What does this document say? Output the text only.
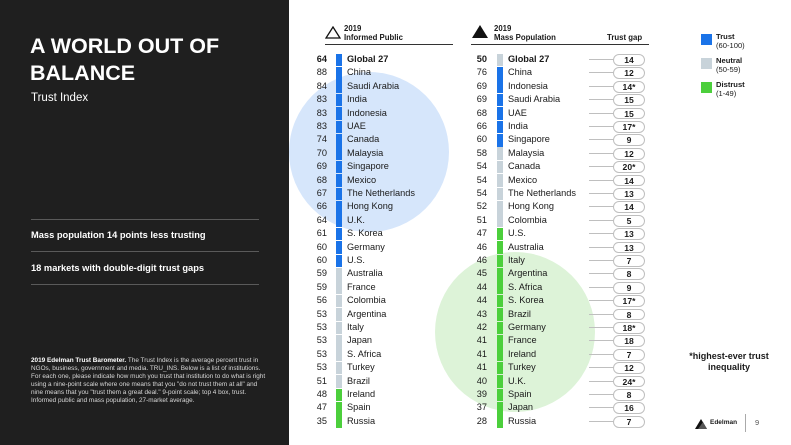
A WORLD OUT OF BALANCE
Trust Index
Mass population 14 points less trusting
18 markets with double-digit trust gaps
2019 Edelman Trust Barometer. The Trust Index is the average percent trust in NGOs, business, government and media. TRU_INS. Below is a list of institutions. For each one, please indicate how much you trust that institution to do what is right using a nine-point scale where one means that you "do not trust them at all" and nine means that you "trust them a great deal." 9-point scale; top 4 box, trust. Informed public and mass population, 27-market average.
2019
Informed Public
2019
Mass Population	Trust gap
64 Global 27	50 Global 27	14
88 China	76 China	12
84 Saudi Arabia	69 Indonesia	14*
83 India	69 Saudi Arabia	15
83 Indonesia	68 UAE	15
83 UAE	66 India	17*
74 Canada	60 Singapore	9
70 Malaysia	58 Malaysia	12
69 Singapore	54 Canada	20*
68 Mexico	54 Mexico	14
67 The Netherlands	54 The Netherlands	13
66 Hong Kong	52 Hong Kong	14
64 U.K.	51 Colombia	5
61 S. Korea	47 U.S.	13
60 Germany	46 Australia	13
60 U.S.	46 Italy	7
59 Australia	45 Argentina	8
59 France	44 S. Africa	9
56 Colombia	44 S. Korea	17*
53 Argentina	43 Brazil	8
53 Italy	42 Germany	18*
53 Japan	41 France	18
53 S. Africa	41 Ireland	7
53 Turkey	41 Turkey	12
51 Brazil	40 U.K.	24*
48 Ireland	39 Spain	8
47 Spain	37 Japan	16
35 Russia	28 Russia	7
Trust
(60-100)
Neutral
(50-59)
Distrust
(1-49)
*highest-ever trust inequality
Edelman 9
